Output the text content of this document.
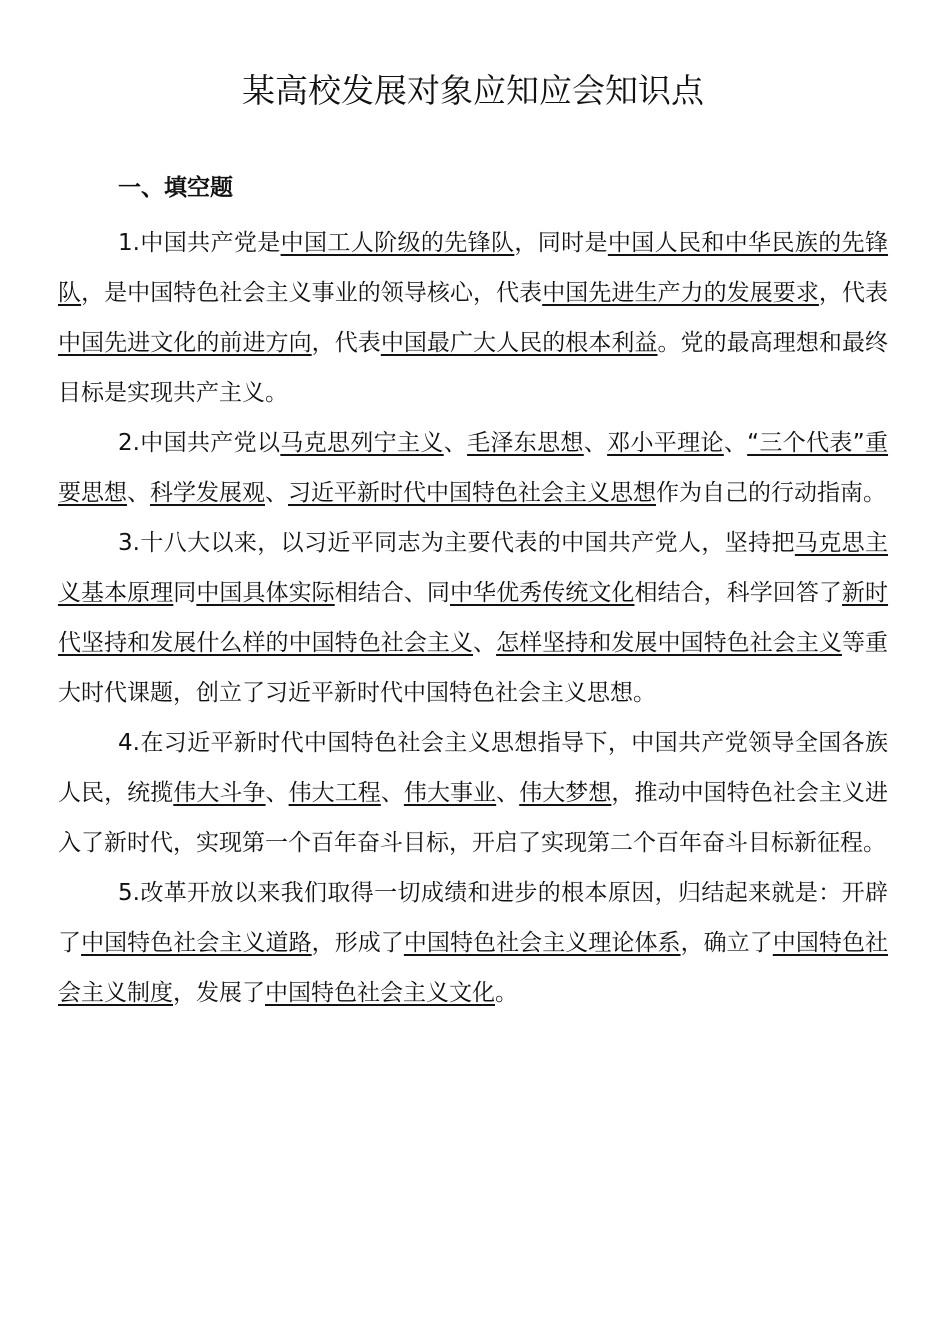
某高校发展对象应知应会知识点
一、填空题

1.中国共产党是中国工人阶级的先锋队，同时是中国人民和中华民族的先锋队，是中国特色社会主义事业的领导核心，代表中国先进生产力的发展要求，代表中国先进文化的前进方向，代表中国最广大人民的根本利益。党的最高理想和最终目标是实现共产主义。

2.中国共产党以马克思列宁主义、毛泽东思想、邓小平理论、“三个代表”重要思想、科学发展观、习近平新时代中国特色社会主义思想作为自己的行动指南。

3.十八大以来，以习近平同志为主要代表的中国共产党人，坚持把马克思主义基本原理同中国具体实际相结合、同中华优秀传统文化相结合，科学回答了新时代坚持和发展什么样的中国特色社会主义、怎样坚持和发展中国特色社会主义等重大时代课题，创立了习近平新时代中国特色社会主义思想。

4.在习近平新时代中国特色社会主义思想指导下，中国共产党领导全国各族人民，统揽伟大斗争、伟大工程、伟大事业、伟大梦想，推动中国特色社会主义进入了新时代，实现第一个百年奋斗目标，开启了实现第二个百年奋斗目标新征程。

5.改革开放以来我们取得一切成绩和进步的根本原因，归结起来就是：开辟了中国特色社会主义道路，形成了中国特色社会主义理论体系，确立了中国特色社会主义制度，发展了中国特色社会主义文化。
